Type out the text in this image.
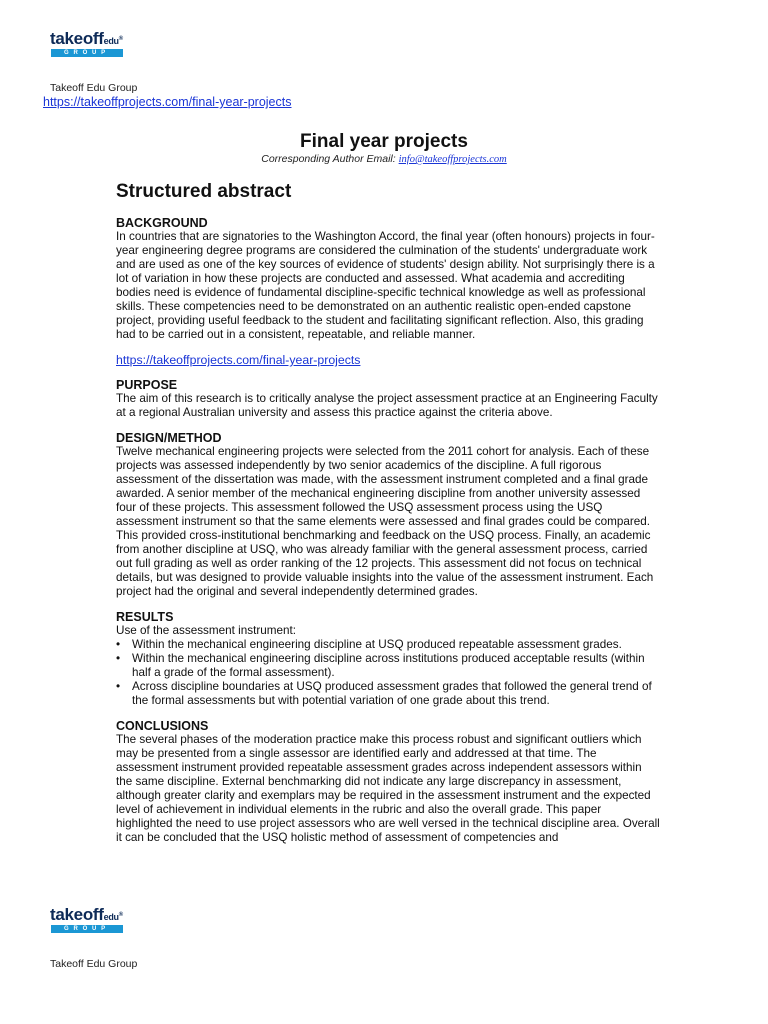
takeoffedu®
GROUP
Takeoff Edu Group
https://takeoffprojects.com/final-year-projects
Final year projects
Corresponding Author Email: info@takeoffprojects.com
Structured abstract
BACKGROUND

In countries that are signatories to the Washington Accord, the final year (often honours) projects in four-year engineering degree programs are considered the culmination of the students' undergraduate work and are used as one of the key sources of evidence of students' design ability. Not surprisingly there is a lot of variation in how these projects are conducted and assessed. What academia and accrediting bodies need is evidence of fundamental discipline-specific technical knowledge as well as professional skills. These competencies need to be demonstrated on an authentic realistic open-ended capstone project, providing useful feedback to the student and facilitating significant reflection. Also, this grading had to be carried out in a consistent, repeatable, and reliable manner.

https://takeoffprojects.com/final-year-projects
PURPOSE

The aim of this research is to critically analyse the project assessment practice at an Engineering Faculty at a regional Australian university and assess this practice against the criteria above.

DESIGN/METHOD

Twelve mechanical engineering projects were selected from the 2011 cohort for analysis. Each of these projects was assessed independently by two senior academics of the discipline. A full rigorous assessment of the dissertation was made, with the assessment instrument completed and a final grade awarded. A senior member of the mechanical engineering discipline from another university assessed four of these projects. This assessment followed the USQ assessment process using the USQ assessment instrument so that the same elements were assessed and final grades could be compared. This provided cross-institutional benchmarking and feedback on the USQ process. Finally, an academic from another discipline at USQ, who was already familiar with the general assessment process, carried out full grading as well as order ranking of the 12 projects. This assessment did not focus on technical details, but was designed to provide valuable insights into the value of the assessment instrument. Each project had the original and several independently determined grades.

RESULTS

Use of the assessment instrument:

• Within the mechanical engineering discipline at USQ produced repeatable assessment grades.
• Within the mechanical engineering discipline across institutions produced acceptable results (within half a grade of the formal assessment).
• Across discipline boundaries at USQ produced assessment grades that followed the general trend of the formal assessments but with potential variation of one grade about this trend.
CONCLUSIONS

The several phases of the moderation practice make this process robust and significant outliers which may be presented from a single assessor are identified early and addressed at that time. The assessment instrument provided repeatable assessment grades across independent assessors within the same discipline. External benchmarking did not indicate any large discrepancy in assessment, although greater clarity and exemplars may be required in the assessment instrument and the expected level of achievement in individual elements in the rubric and also the overall grade. This paper highlighted the need to use project assessors who are well versed in the technical discipline area. Overall it can be concluded that the USQ holistic method of assessment of competencies and

takeoffedu®
GROUP
Takeoff Edu Group
